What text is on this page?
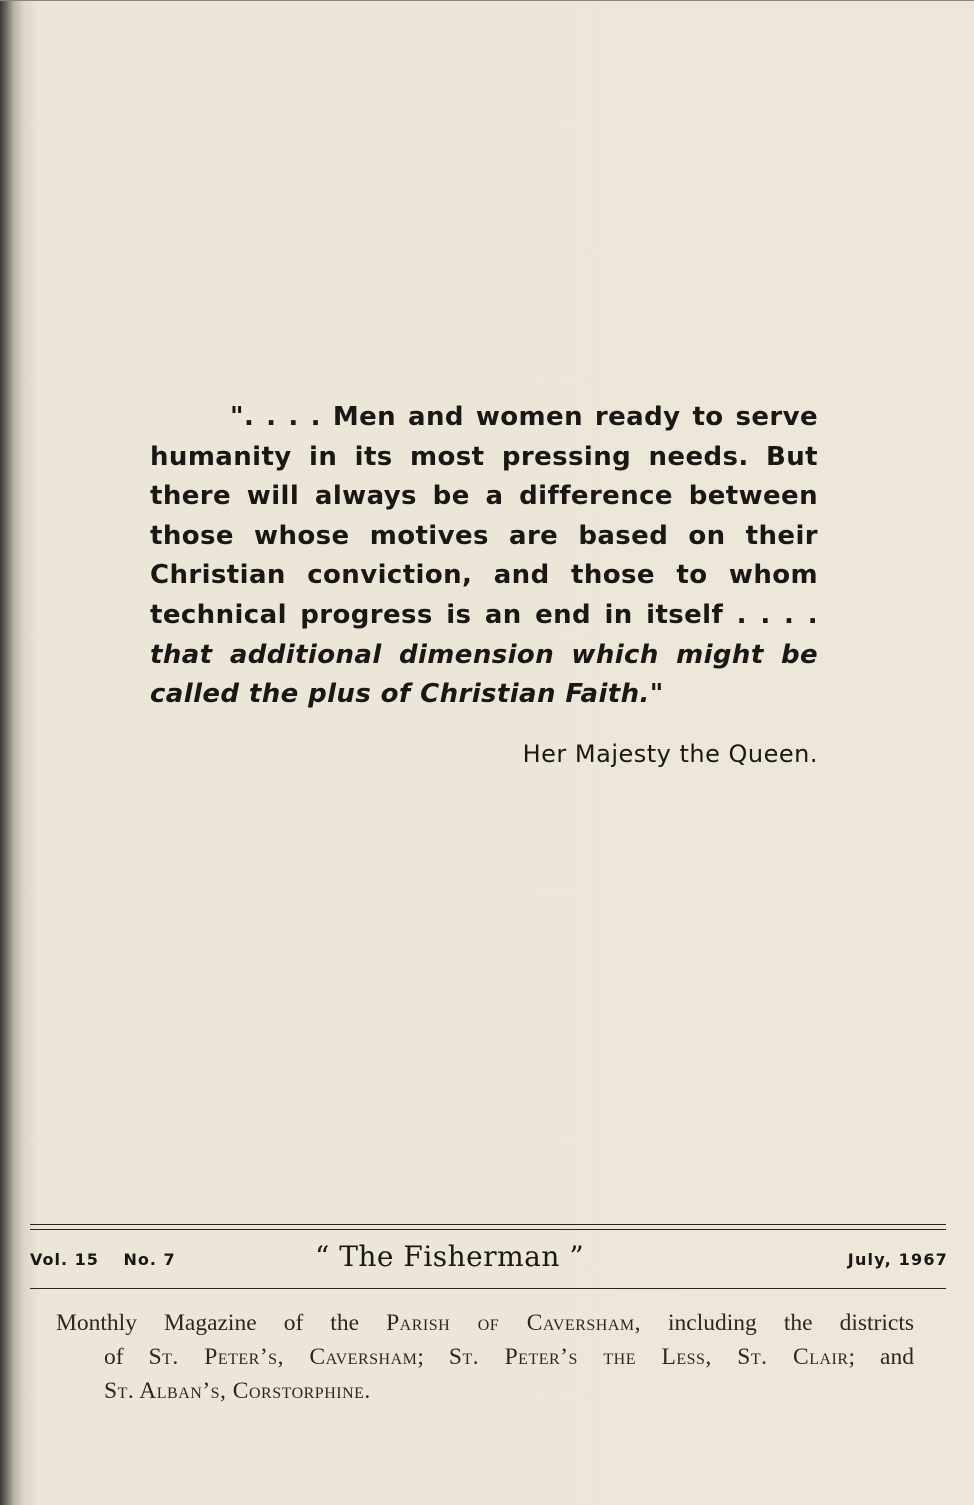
". . . . Men and women ready to serve
humanity in its most pressing needs. But
there will always be a difference between
those whose motives are based on their
Christian conviction, and those to whom
technical progress is an end in itself . . . .
that additional dimension which might be
called the plus of Christian Faith."
Her Majesty the Queen.
Vol. 15 No. 7	“ The Fisherman ”	July, 1967
Monthly Magazine of the Parish of Caversham, including the districts
of St. Peter’s, Caversham; St. Peter’s the Less, St. Clair; and
St. Alban’s, Corstorphine.
